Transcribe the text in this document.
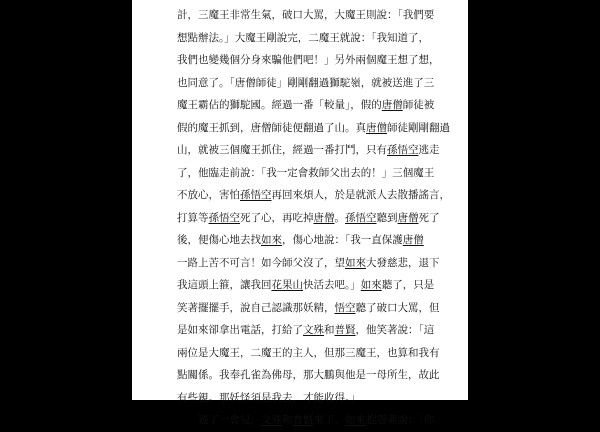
計，三魔王非常生氣，破口大罵，大魔王則說：「我們要
想點辦法。」大魔王剛說完，二魔王就說：「我知道了，
我們也變幾個分身來騙他們吧！」另外兩個魔王想了想，
也同意了。「唐僧師徒」剛剛翻過獅駝嶺，就被送進了三
魔王霸佔的獅駝國。經過一番「較量」，假的唐僧師徒被
假的魔王抓到，唐僧師徒便翻過了山。真唐僧師徒剛剛翻過
山，就被三個魔王抓住，經過一番打鬥，只有孫悟空逃走
了，他臨走前說：「我一定會救師父出去的！」三個魔王
不放心，害怕孫悟空再回來煩人，於是就派人去散播謠言，
打算等孫悟空死了心，再吃掉唐僧。孫悟空聽到唐僧死了
後，便傷心地去找如來，傷心地說：「我一直保護唐僧
一路上苦不可言！如今師父沒了，望如來大發慈悲，退下
我這頭上箍，讓我回花果山快活去吧。」如來聽了，只是
笑著擺擺手，說自己認識那妖精，悟空聽了破口大罵，但
是如來卻拿出電話，打給了文殊和普賢，他笑著說：「這
兩位是大魔王，二魔王的主人，但那三魔王，也算和我有
點關係。我奉孔雀為佛母，那大鵬與他是一母所生，故此
有些親。那妖怪須是我去，才能收得。」
過了一會兒，文殊和普賢來了，如來抱怨著說：「你
